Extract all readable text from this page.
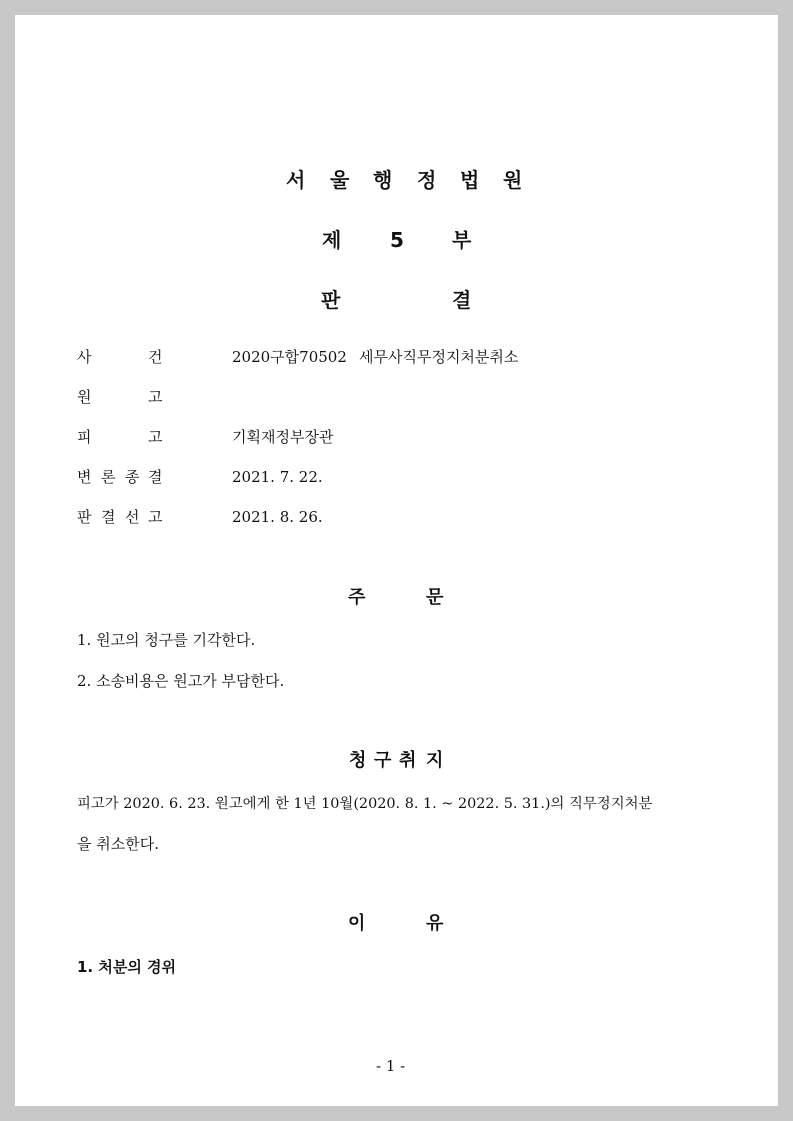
서 울 행 정 법 원
제 5 부
판	결
사	건	2020구합70502 세무사직무정지처분취소
원	고
피	고	기획재정부장관
변 론 종 결	2021. 7. 22.
판 결 선 고	2021. 8. 26.
주	문
1. 원고의 청구를 기각한다.
2. 소송비용은 원고가 부담한다.
청 구 취 지
피고가 2020. 6. 23. 원고에게 한 1년 10월(2020. 8. 1. ~ 2022. 5. 31.)의 직무정지처분
을 취소한다.
이	유
1. 처분의 경위
- 1 -
